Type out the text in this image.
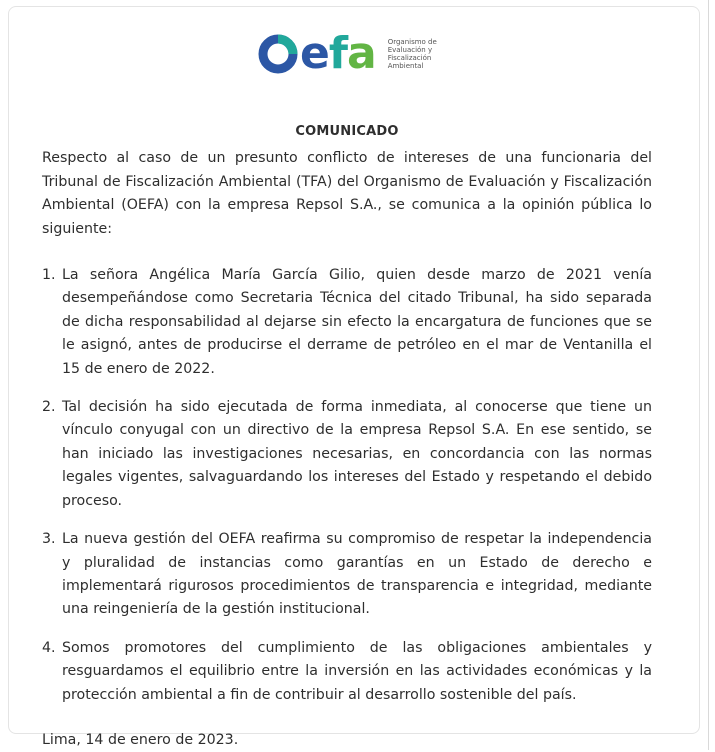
e f a Organismo de Evaluación y Fiscalización Ambiental
COMUNICADO

Respecto al caso de un presunto conflicto de intereses de una funcionaria del Tribunal de Fiscalización Ambiental (TFA) del Organismo de Evaluación y Fiscalización Ambiental (OEFA) con la empresa Repsol S.A., se comunica a la opinión pública lo siguiente:

1. La señora Angélica María García Gilio, quien desde marzo de 2021 venía desempeñándose como Secretaria Técnica del citado Tribunal, ha sido separada de dicha responsabilidad al dejarse sin efecto la encargatura de funciones que se le asignó, antes de producirse el derrame de petróleo en el mar de Ventanilla el 15 de enero de 2022.
2. Tal decisión ha sido ejecutada de forma inmediata, al conocerse que tiene un vínculo conyugal con un directivo de la empresa Repsol S.A. En ese sentido, se han iniciado las investigaciones necesarias, en concordancia con las normas legales vigentes, salvaguardando los intereses del Estado y respetando el debido proceso.
3. La nueva gestión del OEFA reafirma su compromiso de respetar la independencia y pluralidad de instancias como garantías en un Estado de derecho e implementará rigurosos procedimientos de transparencia e integridad, mediante una reingeniería de la gestión institucional.
4. Somos promotores del cumplimiento de las obligaciones ambientales y resguardamos el equilibrio entre la inversión en las actividades económicas y la protección ambiental a fin de contribuir al desarrollo sostenible del país.
Lima, 14 de enero de 2023.
